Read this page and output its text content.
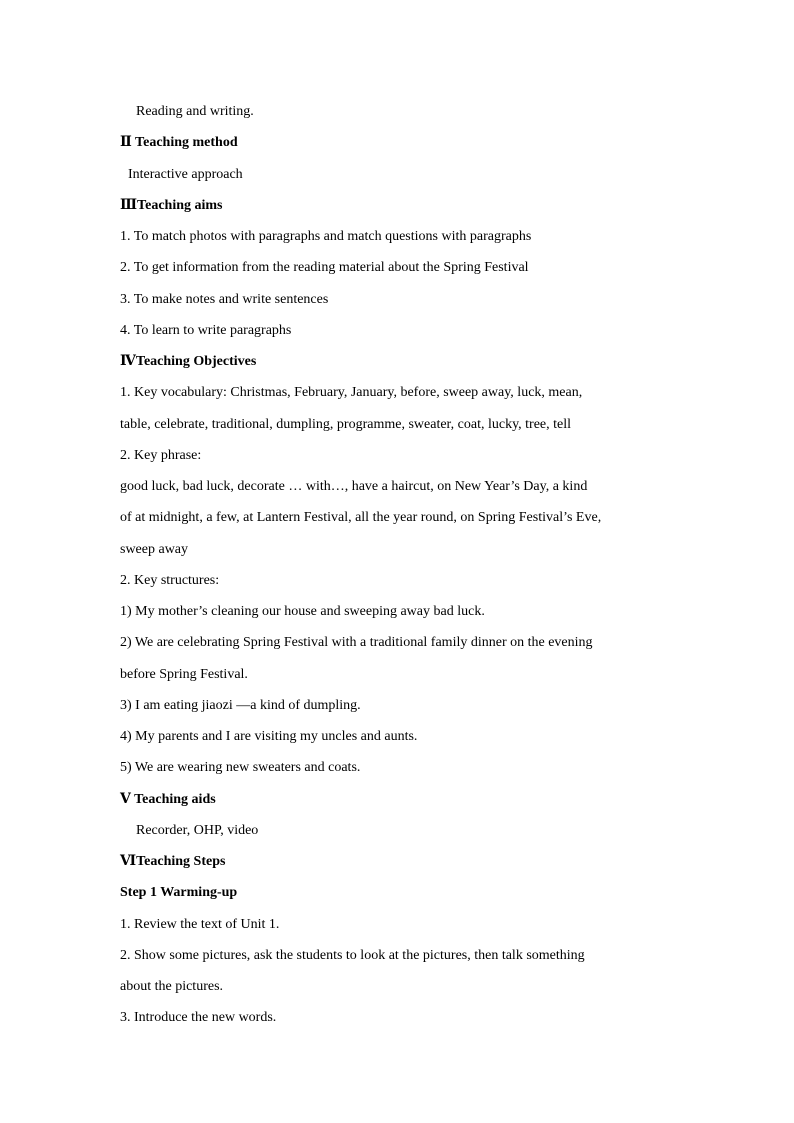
Reading and writing.
Ⅱ Teaching method
Interactive approach
ⅢTeaching aims
1. To match photos with paragraphs and match questions with paragraphs
2. To get information from the reading material about the Spring Festival
3. To make notes and write sentences
4. To learn to write paragraphs
ⅣTeaching Objectives
1. Key vocabulary: Christmas, February, January, before, sweep away, luck, mean,
table, celebrate, traditional, dumpling, programme, sweater, coat, lucky, tree, tell
2. Key phrase:
good luck, bad luck, decorate … with…, have a haircut, on New Year’s Day, a kind
of at midnight, a few, at Lantern Festival, all the year round, on Spring Festival’s Eve,
sweep away
2. Key structures:
1) My mother’s cleaning our house and sweeping away bad luck.
2) We are celebrating Spring Festival with a traditional family dinner on the evening
before Spring Festival.
3) I am eating jiaozi —a kind of dumpling.
4) My parents and I are visiting my uncles and aunts.
5) We are wearing new sweaters and coats.
Ⅴ Teaching aids
Recorder, OHP, video
ⅥTeaching Steps
Step 1 Warming-up
1. Review the text of Unit 1.
2. Show some pictures, ask the students to look at the pictures, then talk something
about the pictures.
3. Introduce the new words.
